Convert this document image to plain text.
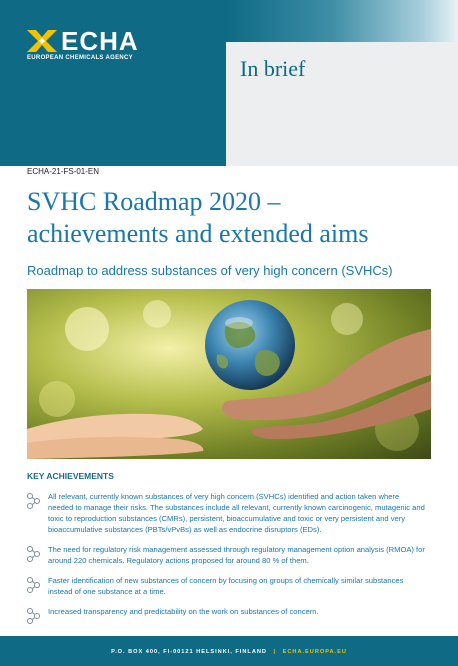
ECHA
EUROPEAN CHEMICALS AGENCY	In brief
ECHA-21-FS-01-EN
SVHC Roadmap 2020 –
achievements and extended aims
Roadmap to address substances of very high concern (SVHCs)
KEY ACHIEVEMENTS
All relevant, currently known substances of very high concern (SVHCs) identified and action taken where needed to manage their risks. The substances include all relevant, currently known carcinogenic, mutagenic and toxic to reproduction substances (CMRs), persistent, bioaccumulative and toxic or very persistent and very bioaccumulative substances (PBTs/vPvBs) as well as endocrine disruptors (EDs).
The need for regulatory risk management assessed through regulatory management option analysis (RMOA) for around 220 chemicals. Regulatory actions proposed for around 80 % of them.
Faster identification of new substances of concern by focusing on groups of chemically similar substances instead of one substance at a time.
Increased transparency and predictability on the work on substances of concern.
P.O. BOX 400, FI-00121 HELSINKI, FINLAND | ECHA.EUROPA.EU
